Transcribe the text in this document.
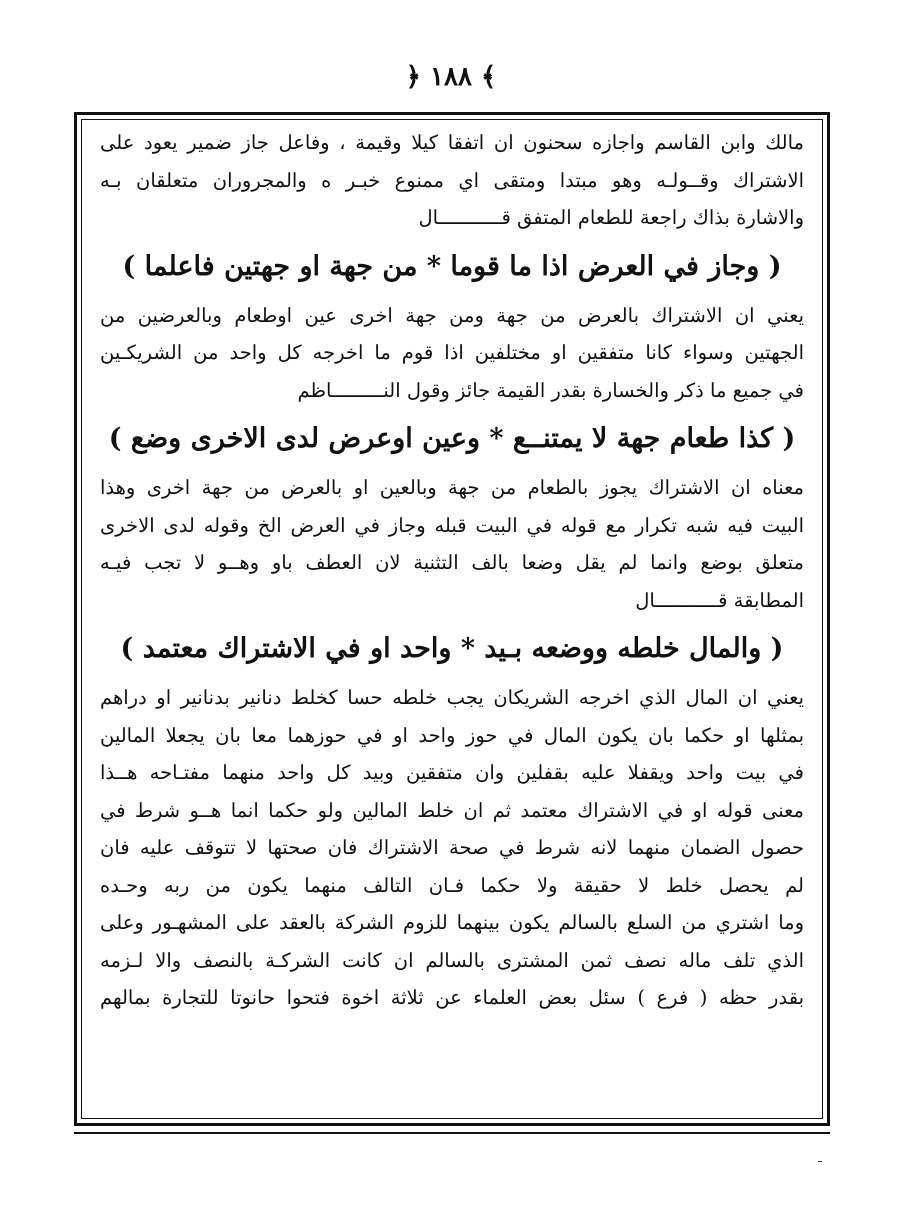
﴿ ١٨٨ ﴾
مالك وابن القاسم واجازه سحنون ان اتفقا كيلا وقيمة ، وفاعل جاز ضمير يعود على
الاشتراك وقــولـه وهو مبتدا ومتقى اي ممنوع خبـر ه والمجروران متعلقان بـه
والاشارة بذاك راجعة للطعام المتفق قـــــــــــال
( وجاز في العرض اذا ما قوما * من جهة او جهتين فاعلما )
يعني ان الاشتراك بالعرض من جهة ومن جهة اخرى عين اوطعام وبالعرضين من
الجهتين وسواء كانا متفقين او مختلفين اذا قوم ما اخرجه كل واحد من الشريكـين
في جميع ما ذكر والخسارة بقدر القيمة جائز وقول النـــــــــاظم
( كذا طعام جهة لا يمتنــع * وعين اوعرض لدى الاخرى وضع )
معناه ان الاشتراك يجوز بالطعام من جهة وبالعين او بالعرض من جهة اخرى وهذا
البيت فيه شبه تكرار مع قوله في البيت قبله وجاز في العرض الخ وقوله لدى الاخرى
متعلق بوضع وانما لم يقل وضعا بالف التثنية لان العطف باو وهــو لا تجب فيـه
المطابقة قـــــــــــال
( والمال خلطه ووضعه بـيد * واحد او في الاشتراك معتمد )
يعني ان المال الذي اخرجه الشريكان يجب خلطه حسا كخلط دنانير بدنانير او دراهم
بمثلها او حكما بان يكون المال في حوز واحد او في حوزهما معا بان يجعلا المالين
في بيت واحد ويقفلا عليه بقفلين وان متفقين وبيد كل واحد منهما مفتـاحه هــذا
معنى قوله او في الاشتراك معتمد ثم ان خلط المالين ولو حكما انما هــو شرط في
حصول الضمان منهما لانه شرط في صحة الاشتراك فان صحتها لا تتوقف عليه فان
لم يحصل خلط لا حقيقة ولا حكما فـان التالف منهما يكون من ربه وحـده
وما اشتري من السلع بالسالم يكون بينهما للزوم الشركة بالعقد على المشهـور وعلى
الذي تلف ماله نصف ثمن المشترى بالسالم ان كانت الشركـة بالنصف والا لـزمه
بقدر حظه ( فرع ) سئل بعض العلماء عن ثلاثة اخوة فتحوا حانوتا للتجارة بمالهم
